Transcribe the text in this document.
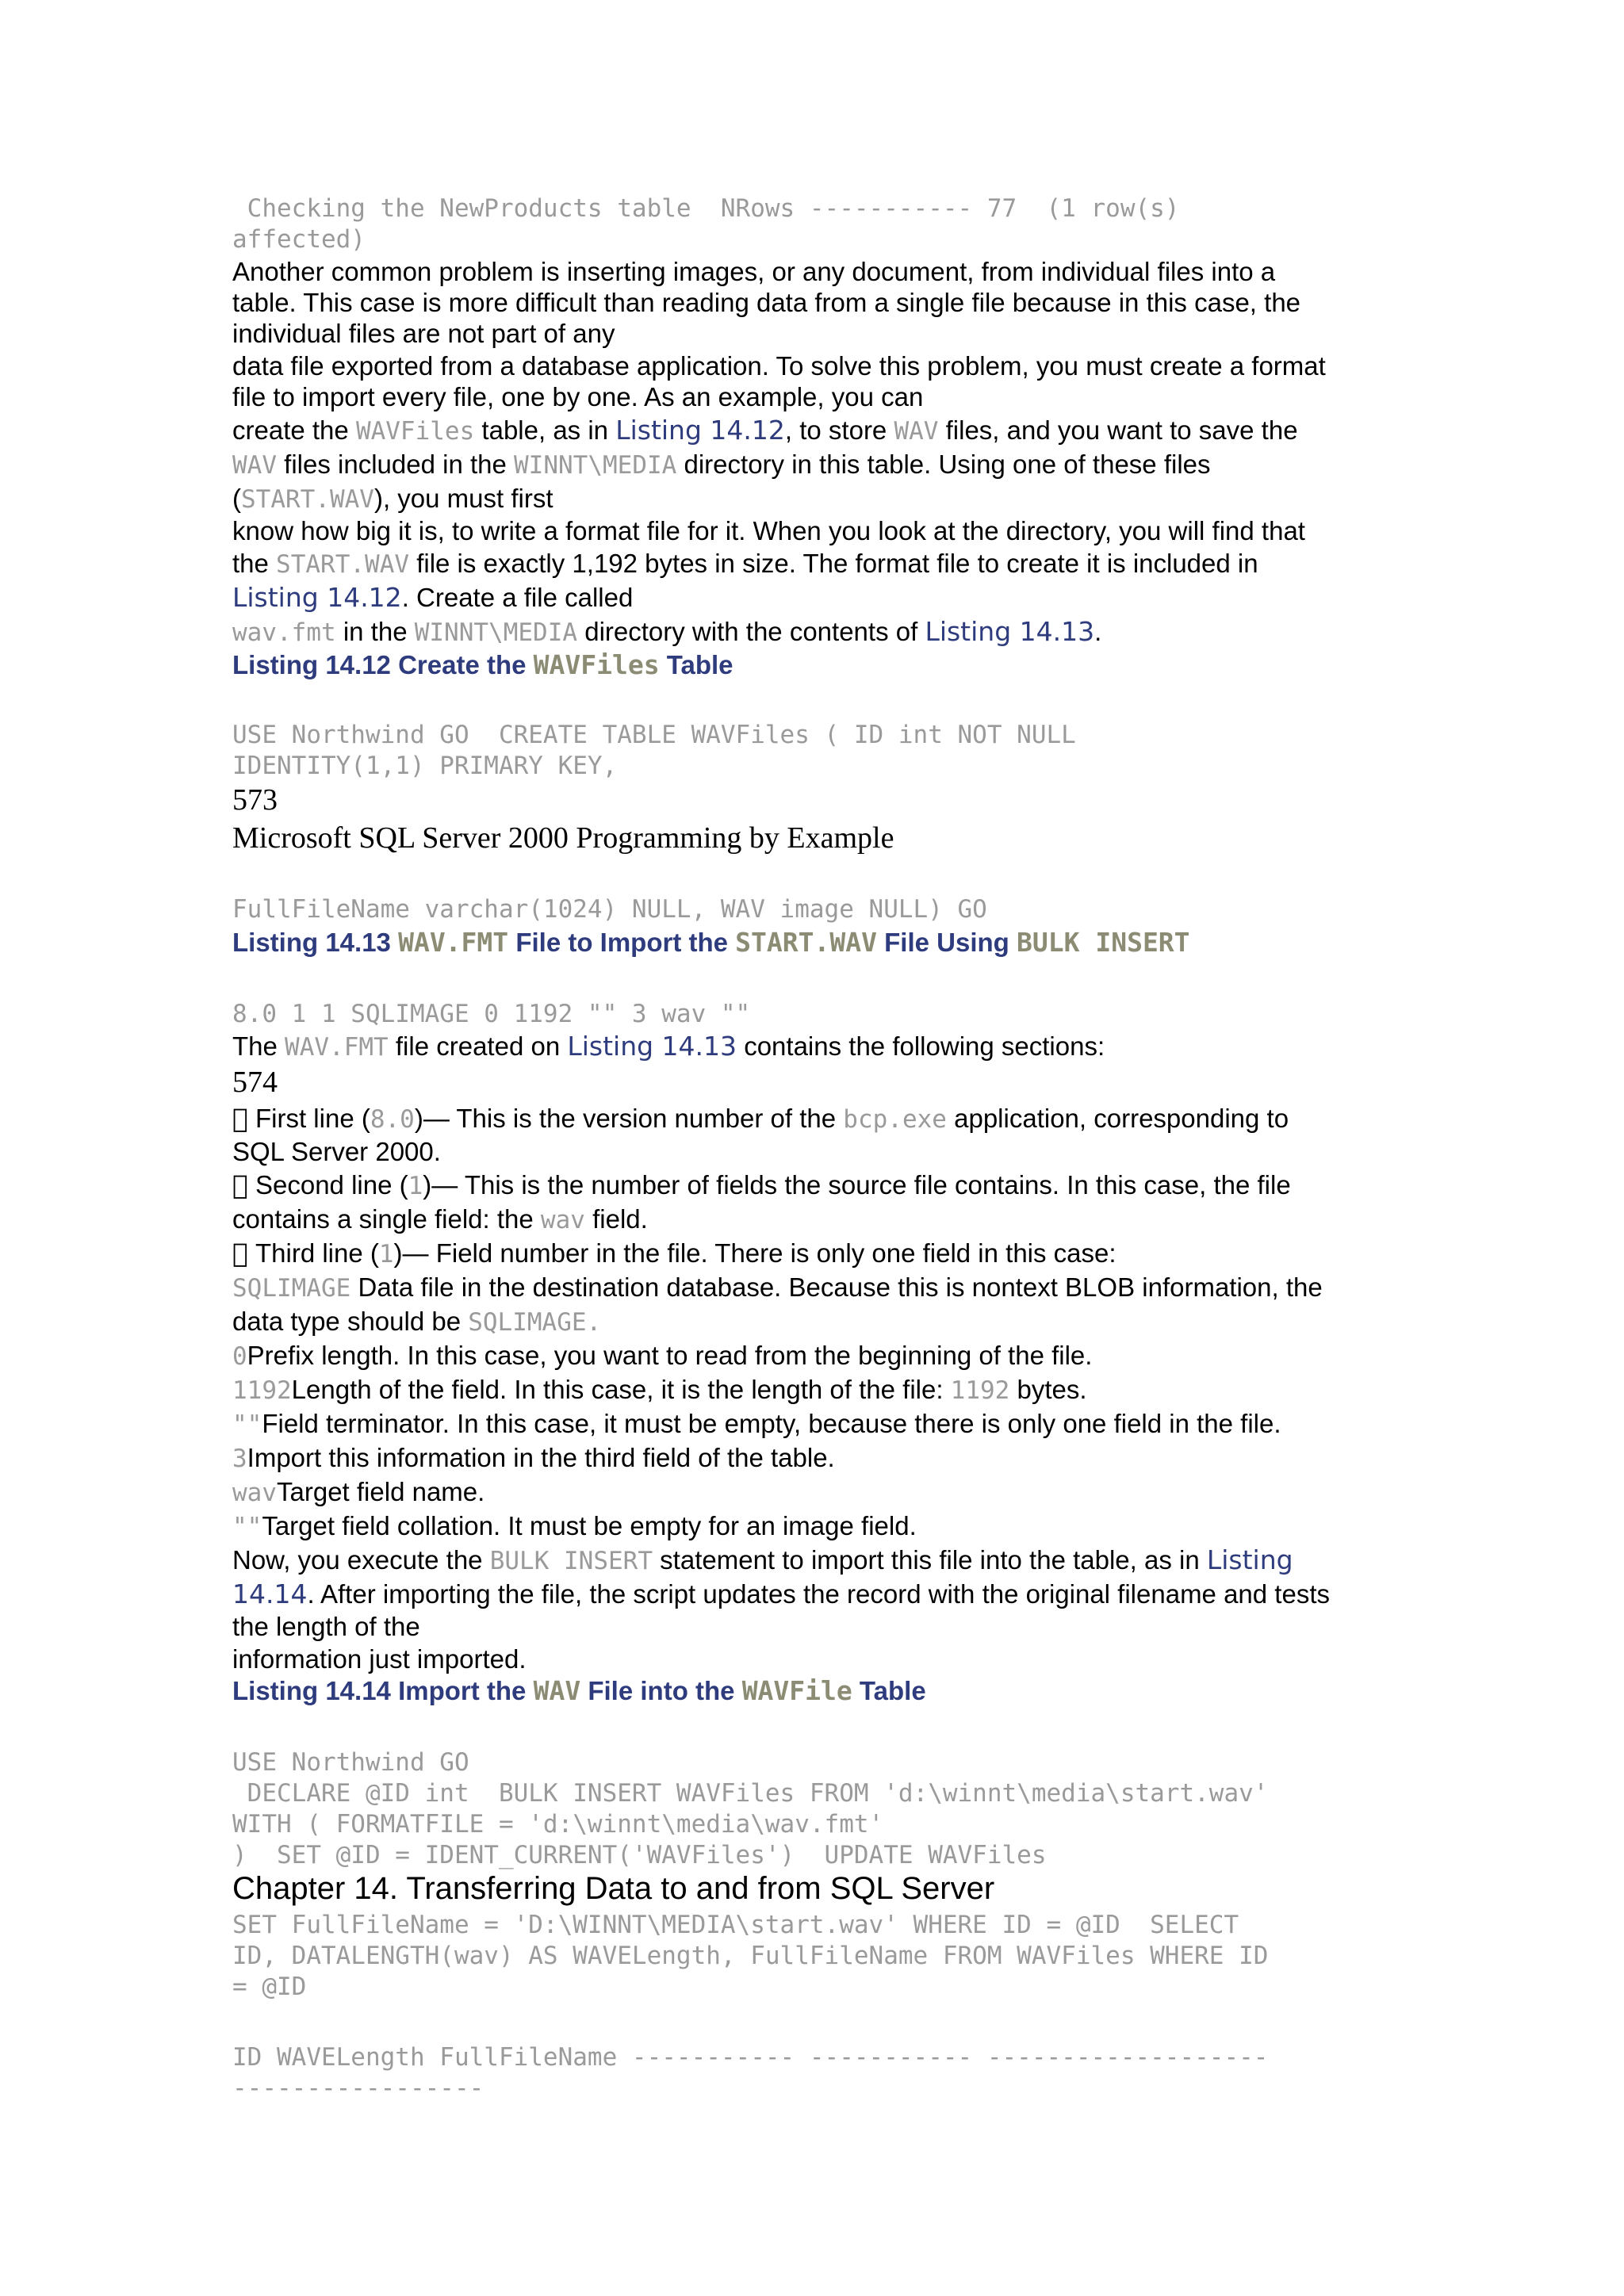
Checking the NewProducts table  NRows ----------- 77  (1 row(s)
affected)
Another common problem is inserting images, or any document, from individual files into a
table. This case is more difficult than reading data from a single file because in this case, the
individual files are not part of any
data file exported from a database application. To solve this problem, you must create a format
file to import every file, one by one. As an example, you can
create the WAVFiles table, as in Listing 14.12, to store WAV files, and you want to save the
WAV files included in the WINNT\MEDIA directory in this table. Using one of these files
(START.WAV), you must first
know how big it is, to write a format file for it. When you look at the directory, you will find that
the START.WAV file is exactly 1,192 bytes in size. The format file to create it is included in
Listing 14.12. Create a file called
wav.fmt in the WINNT\MEDIA directory with the contents of Listing 14.13.
Listing 14.12 Create the WAVFiles Table
USE Northwind GO  CREATE TABLE WAVFiles ( ID int NOT NULL
IDENTITY(1,1) PRIMARY KEY,
573
Microsoft SQL Server 2000 Programming by Example
FullFileName varchar(1024) NULL, WAV image NULL) GO
Listing 14.13 WAV.FMT File to Import the START.WAV File Using BULK INSERT
8.0 1 1 SQLIMAGE 0 1192 "" 3 wav ""
The WAV.FMT file created on Listing 14.13 contains the following sections:
574
First line (8.0)— This is the version number of the bcp.exe application, corresponding to
SQL Server 2000.
Second line (1)— This is the number of fields the source file contains. In this case, the file
contains a single field: the wav field.
Third line (1)— Field number in the file. There is only one field in this case:
SQLIMAGE Data file in the destination database. Because this is nontext BLOB information, the
data type should be SQLIMAGE.
0Prefix length. In this case, you want to read from the beginning of the file.
1192Length of the field. In this case, it is the length of the file: 1192 bytes.
""Field terminator. In this case, it must be empty, because there is only one field in the file.
3Import this information in the third field of the table.
wavTarget field name.
""Target field collation. It must be empty for an image field.
Now, you execute the BULK INSERT statement to import this file into the table, as in Listing
14.14. After importing the file, the script updates the record with the original filename and tests
the length of the
information just imported.
Listing 14.14 Import the WAV File into the WAVFile Table
USE Northwind GO
DECLARE @ID int  BULK INSERT WAVFiles FROM 'd:\winnt\media\start.wav'
WITH ( FORMATFILE = 'd:\winnt\media\wav.fmt'
)  SET @ID = IDENT_CURRENT('WAVFiles')  UPDATE WAVFiles
Chapter 14. Transferring Data to and from SQL Server
SET FullFileName = 'D:\WINNT\MEDIA\start.wav' WHERE ID = @ID  SELECT
ID, DATALENGTH(wav) AS WAVELength, FullFileName FROM WAVFiles WHERE ID
= @ID
ID WAVELength FullFileName ----------- ----------- -------------------
-----------------
